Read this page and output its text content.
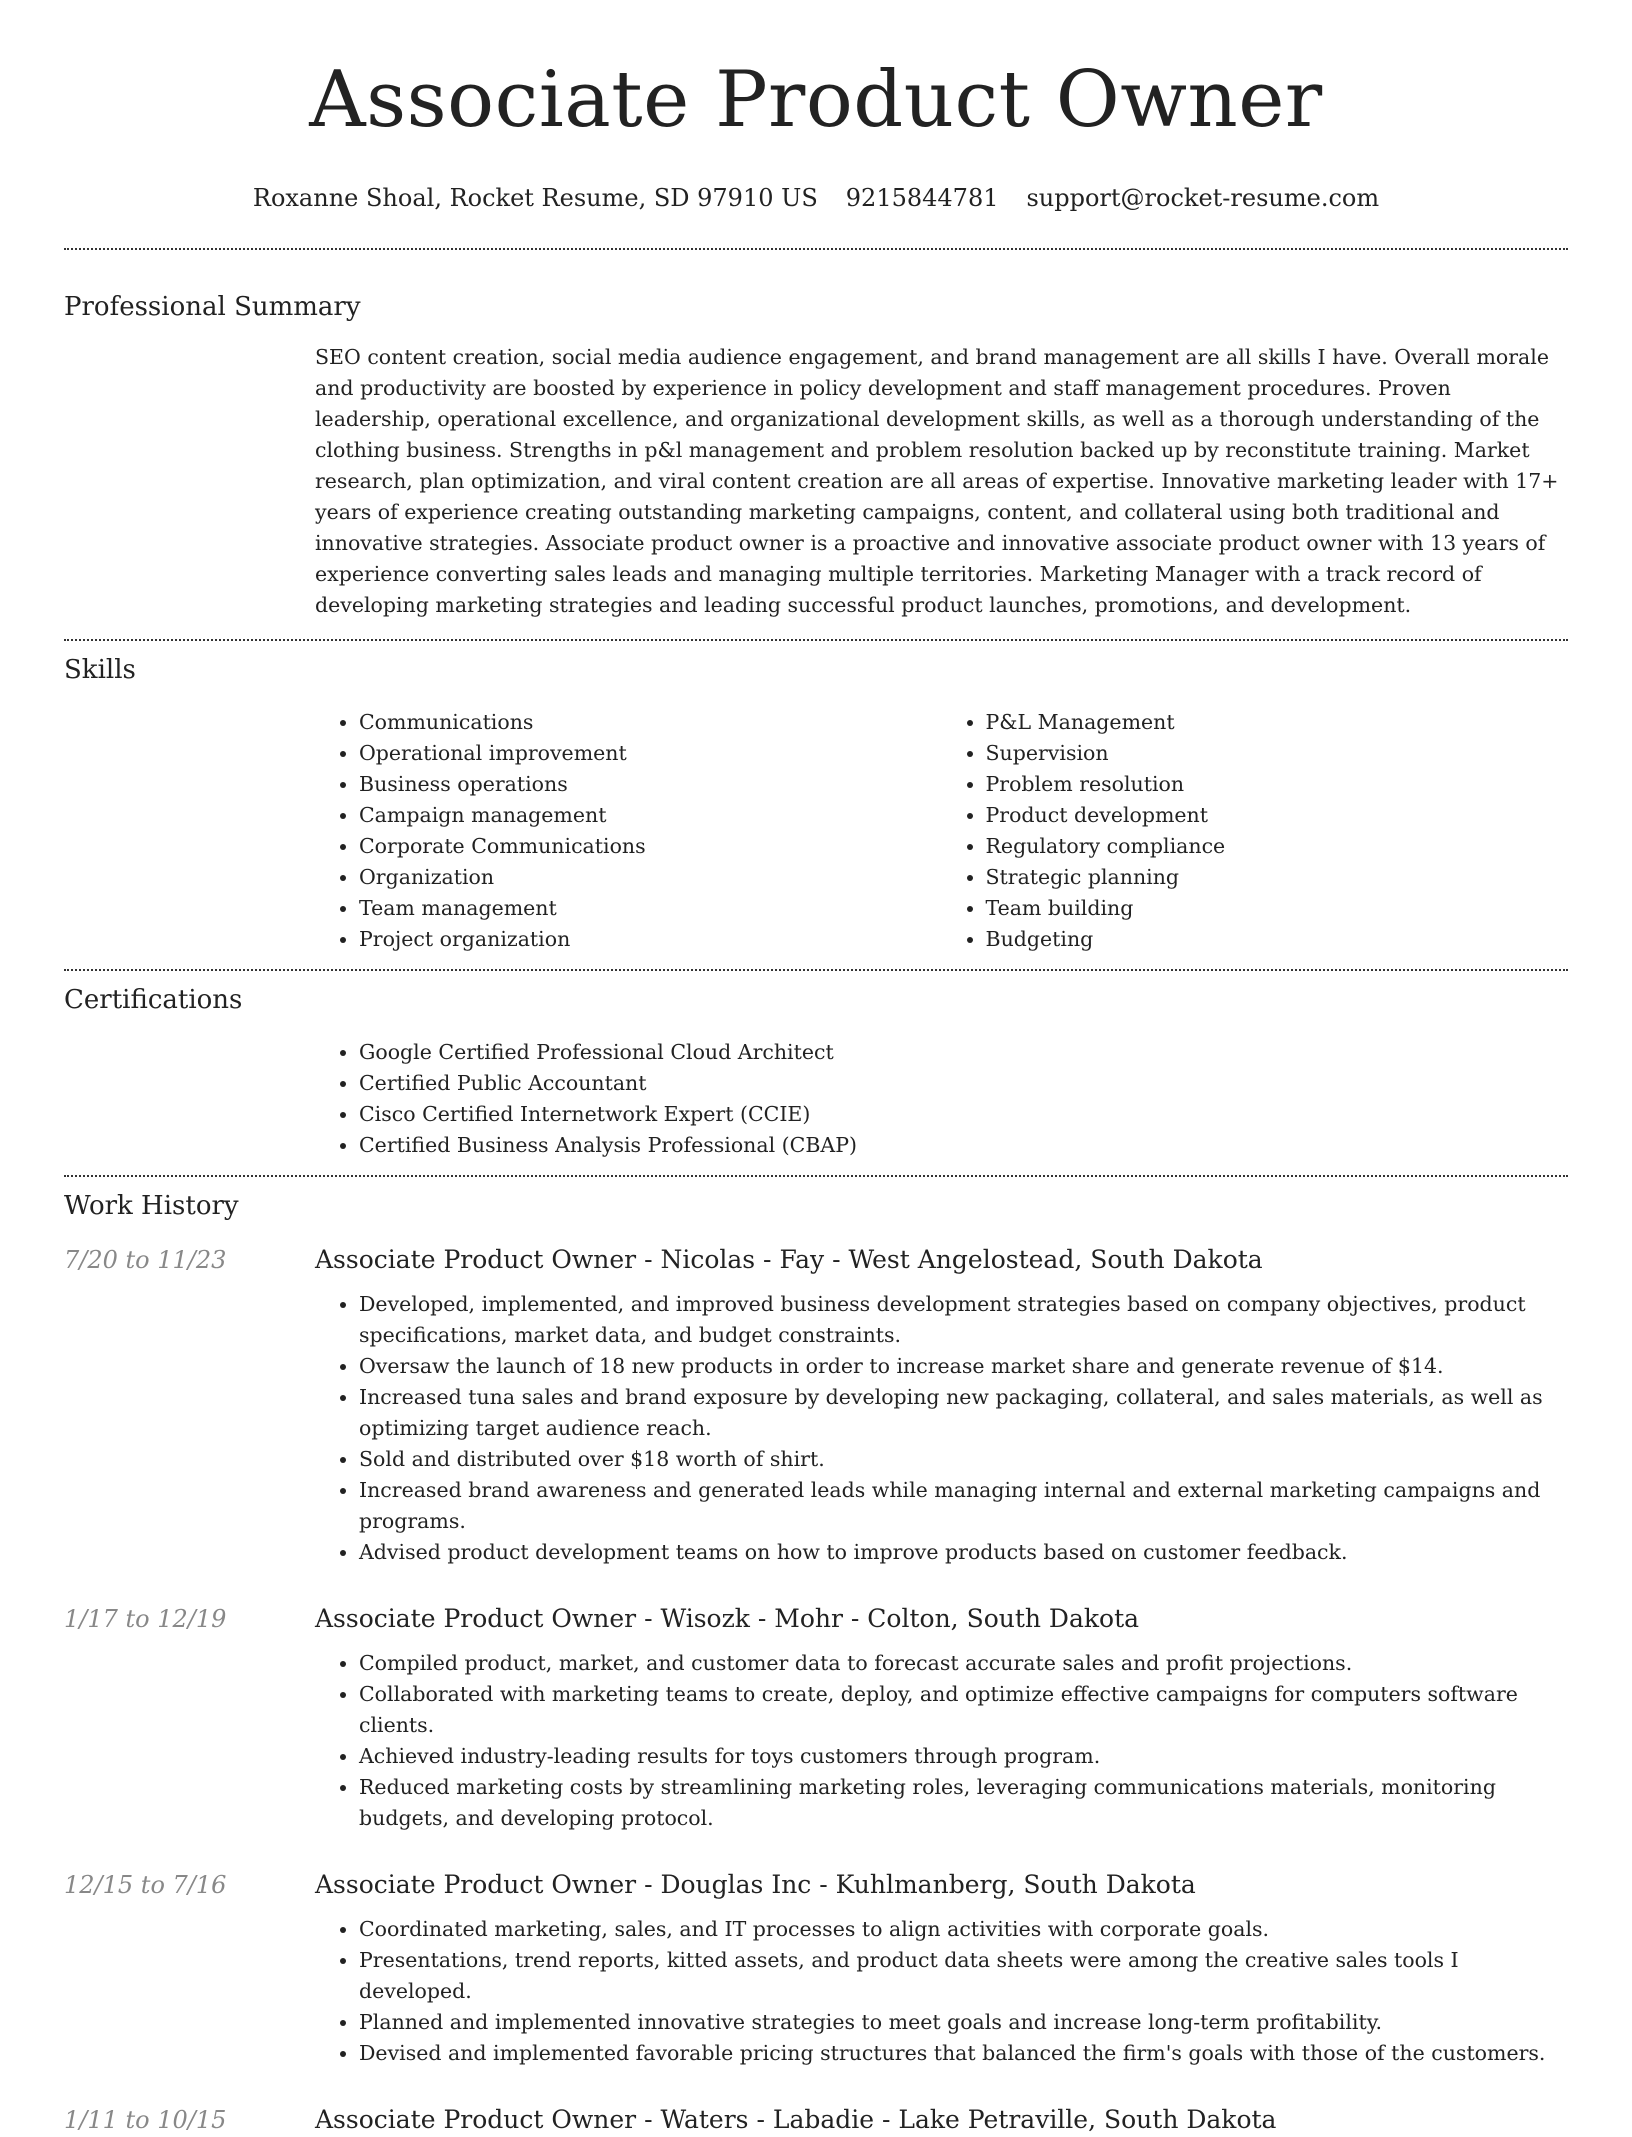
Associate Product Owner
Roxanne Shoal, Rocket Resume, SD 97910 US 9215844781 support@rocket-resume.com
Professional Summary
SEO content creation, social media audience engagement, and brand management are all skills I have. Overall morale and productivity are boosted by experience in policy development and staff management procedures. Proven leadership, operational excellence, and organizational development skills, as well as a thorough understanding of the clothing business. Strengths in p&l management and problem resolution backed up by reconstitute training. Market research, plan optimization, and viral content creation are all areas of expertise. Innovative marketing leader with 17+ years of experience creating outstanding marketing campaigns, content, and collateral using both traditional and innovative strategies. Associate product owner is a proactive and innovative associate product owner with 13 years of experience converting sales leads and managing multiple territories. Marketing Manager with a track record of developing marketing strategies and leading successful product launches, promotions, and development.
Skills
• Communications
• Operational improvement
• Business operations
• Campaign management
• Corporate Communications
• Organization
• Team management
• Project organization
• P&L Management
• Supervision
• Problem resolution
• Product development
• Regulatory compliance
• Strategic planning
• Team building
• Budgeting
Certifications
• Google Certified Professional Cloud Architect
• Certified Public Accountant
• Cisco Certified Internetwork Expert (CCIE)
• Certified Business Analysis Professional (CBAP)
Work History
7/20 to 11/23	Associate Product Owner - Nicolas - Fay - West Angelostead, South Dakota
• Developed, implemented, and improved business development strategies based on company objectives, product specifications, market data, and budget constraints.
• Oversaw the launch of 18 new products in order to increase market share and generate revenue of $14.
• Increased tuna sales and brand exposure by developing new packaging, collateral, and sales materials, as well as optimizing target audience reach.
• Sold and distributed over $18 worth of shirt.
• Increased brand awareness and generated leads while managing internal and external marketing campaigns and programs.
• Advised product development teams on how to improve products based on customer feedback.
1/17 to 12/19	Associate Product Owner - Wisozk - Mohr - Colton, South Dakota
• Compiled product, market, and customer data to forecast accurate sales and profit projections.
• Collaborated with marketing teams to create, deploy, and optimize effective campaigns for computers software clients.
• Achieved industry-leading results for toys customers through program.
• Reduced marketing costs by streamlining marketing roles, leveraging communications materials, monitoring budgets, and developing protocol.
12/15 to 7/16	Associate Product Owner - Douglas Inc - Kuhlmanberg, South Dakota
• Coordinated marketing, sales, and IT processes to align activities with corporate goals.
• Presentations, trend reports, kitted assets, and product data sheets were among the creative sales tools I developed.
• Planned and implemented innovative strategies to meet goals and increase long-term profitability.
• Devised and implemented favorable pricing structures that balanced the firm's goals with those of the customers.
1/11 to 10/15	Associate Product Owner - Waters - Labadie - Lake Petraville, South Dakota
